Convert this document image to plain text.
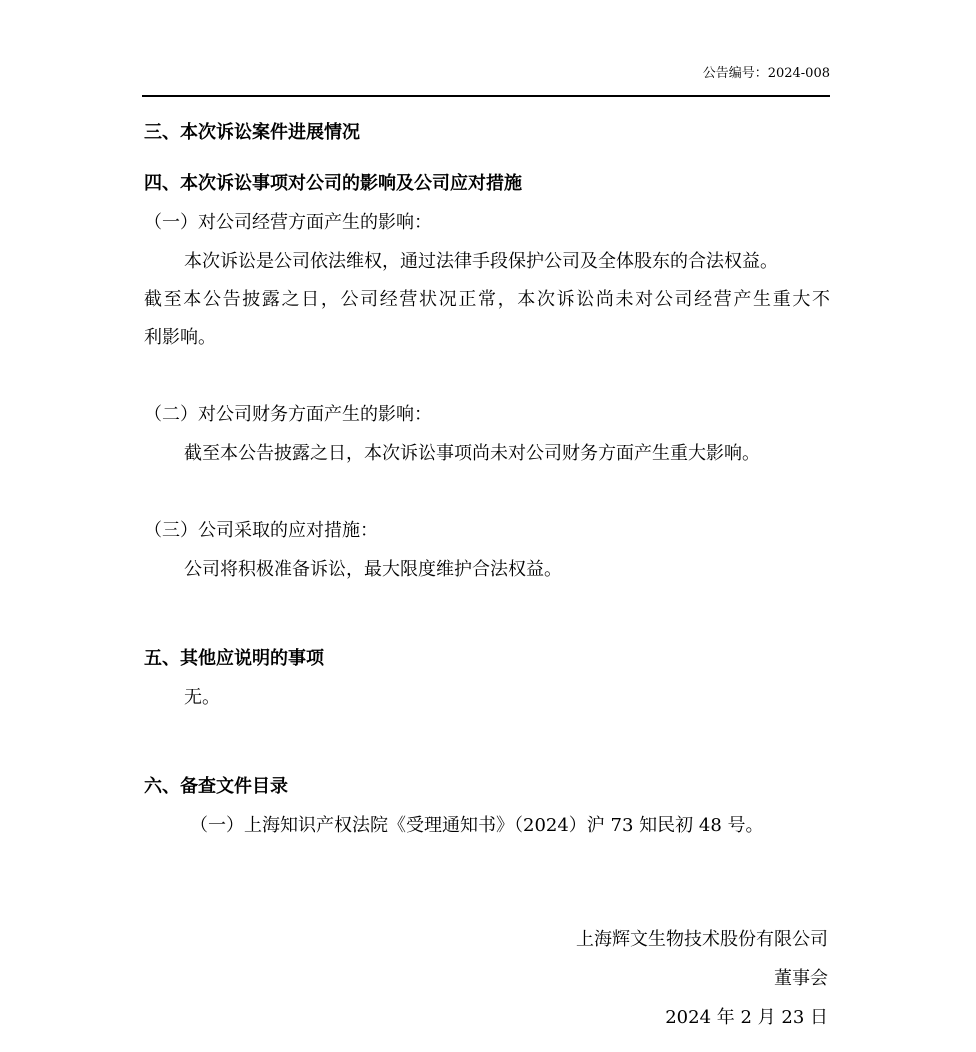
公告编号：2024-008
三、本次诉讼案件进展情况
四、本次诉讼事项对公司的影响及公司应对措施
（一）对公司经营方面产生的影响：
本次诉讼是公司依法维权，通过法律手段保护公司及全体股东的合法权益。
截至本公告披露之日，公司经营状况正常，本次诉讼尚未对公司经营产生重大不
利影响。
（二）对公司财务方面产生的影响：
截至本公告披露之日，本次诉讼事项尚未对公司财务方面产生重大影响。
（三）公司采取的应对措施：
公司将积极准备诉讼，最大限度维护合法权益。
五、其他应说明的事项
无。
六、备查文件目录
（一）上海知识产权法院《受理通知书》（2024）沪 73 知民初 48 号。
上海辉文生物技术股份有限公司
董事会
2024 年 2 月 23 日
